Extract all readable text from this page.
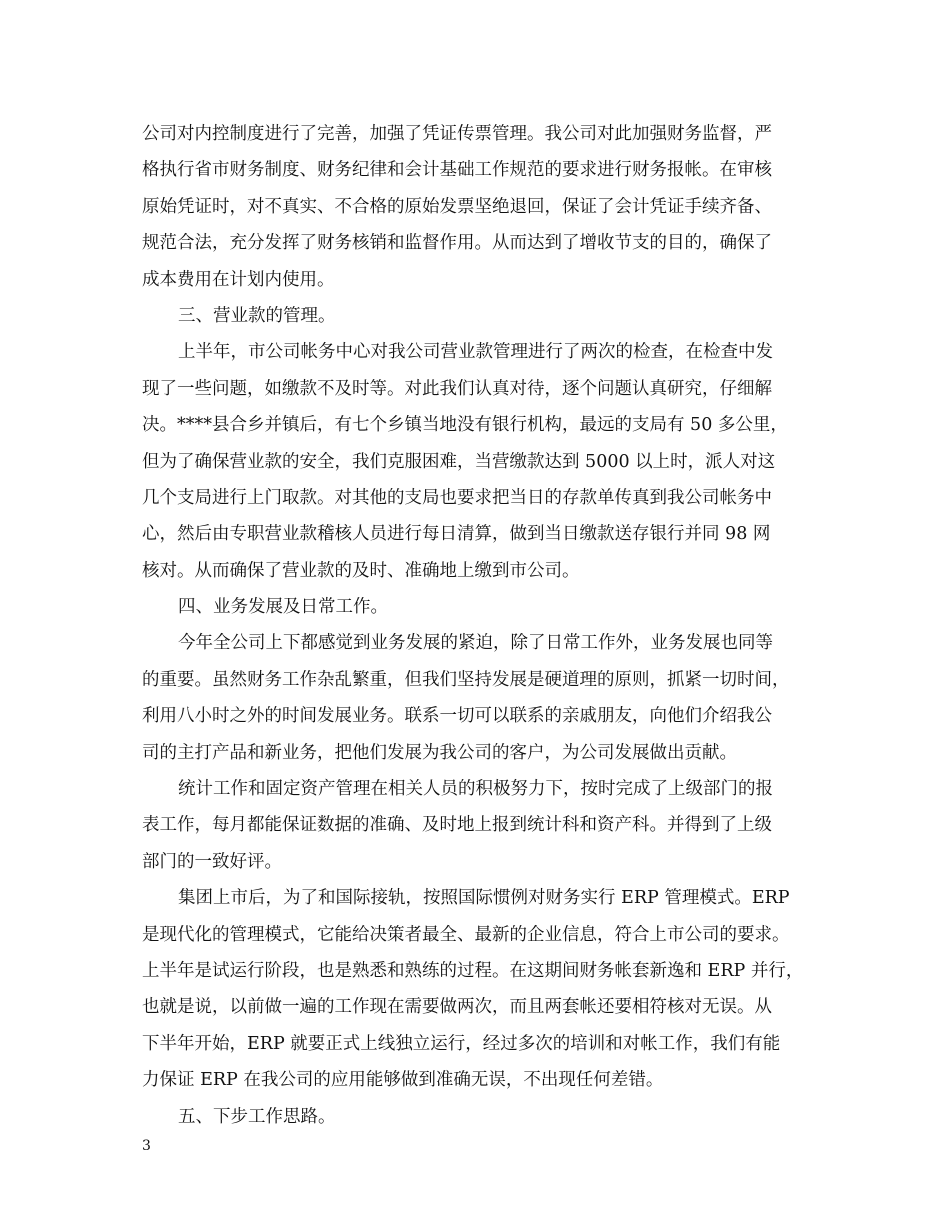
公司对内控制度进行了完善，加强了凭证传票管理。我公司对此加强财务监督，严
格执行省市财务制度、财务纪律和会计基础工作规范的要求进行财务报帐。在审核
原始凭证时，对不真实、不合格的原始发票坚绝退回，保证了会计凭证手续齐备、
规范合法，充分发挥了财务核销和监督作用。从而达到了增收节支的目的，确保了
成本费用在计划内使用。
三、营业款的管理。
上半年，市公司帐务中心对我公司营业款管理进行了两次的检查，在检查中发
现了一些问题，如缴款不及时等。对此我们认真对待，逐个问题认真研究，仔细解
决。****县合乡并镇后，有七个乡镇当地没有银行机构，最远的支局有 50 多公里，
但为了确保营业款的安全，我们克服困难，当营缴款达到 5000 以上时，派人对这
几个支局进行上门取款。对其他的支局也要求把当日的存款单传真到我公司帐务中
心，然后由专职营业款稽核人员进行每日清算，做到当日缴款送存银行并同 98 网
核对。从而确保了营业款的及时、准确地上缴到市公司。
四、业务发展及日常工作。
今年全公司上下都感觉到业务发展的紧迫，除了日常工作外，业务发展也同等
的重要。虽然财务工作杂乱繁重，但我们坚持发展是硬道理的原则，抓紧一切时间，
利用八小时之外的时间发展业务。联系一切可以联系的亲戚朋友，向他们介绍我公
司的主打产品和新业务，把他们发展为我公司的客户，为公司发展做出贡献。
统计工作和固定资产管理在相关人员的积极努力下，按时完成了上级部门的报
表工作，每月都能保证数据的准确、及时地上报到统计科和资产科。并得到了上级
部门的一致好评。
集团上市后，为了和国际接轨，按照国际惯例对财务实行 ERP 管理模式。ERP
是现代化的管理模式，它能给决策者最全、最新的企业信息，符合上市公司的要求。
上半年是试运行阶段，也是熟悉和熟练的过程。在这期间财务帐套新逸和 ERP 并行，
也就是说，以前做一遍的工作现在需要做两次，而且两套帐还要相符核对无误。从
下半年开始，ERP 就要正式上线独立运行，经过多次的培训和对帐工作，我们有能
力保证 ERP 在我公司的应用能够做到准确无误，不出现任何差错。
五、下步工作思路。
3
